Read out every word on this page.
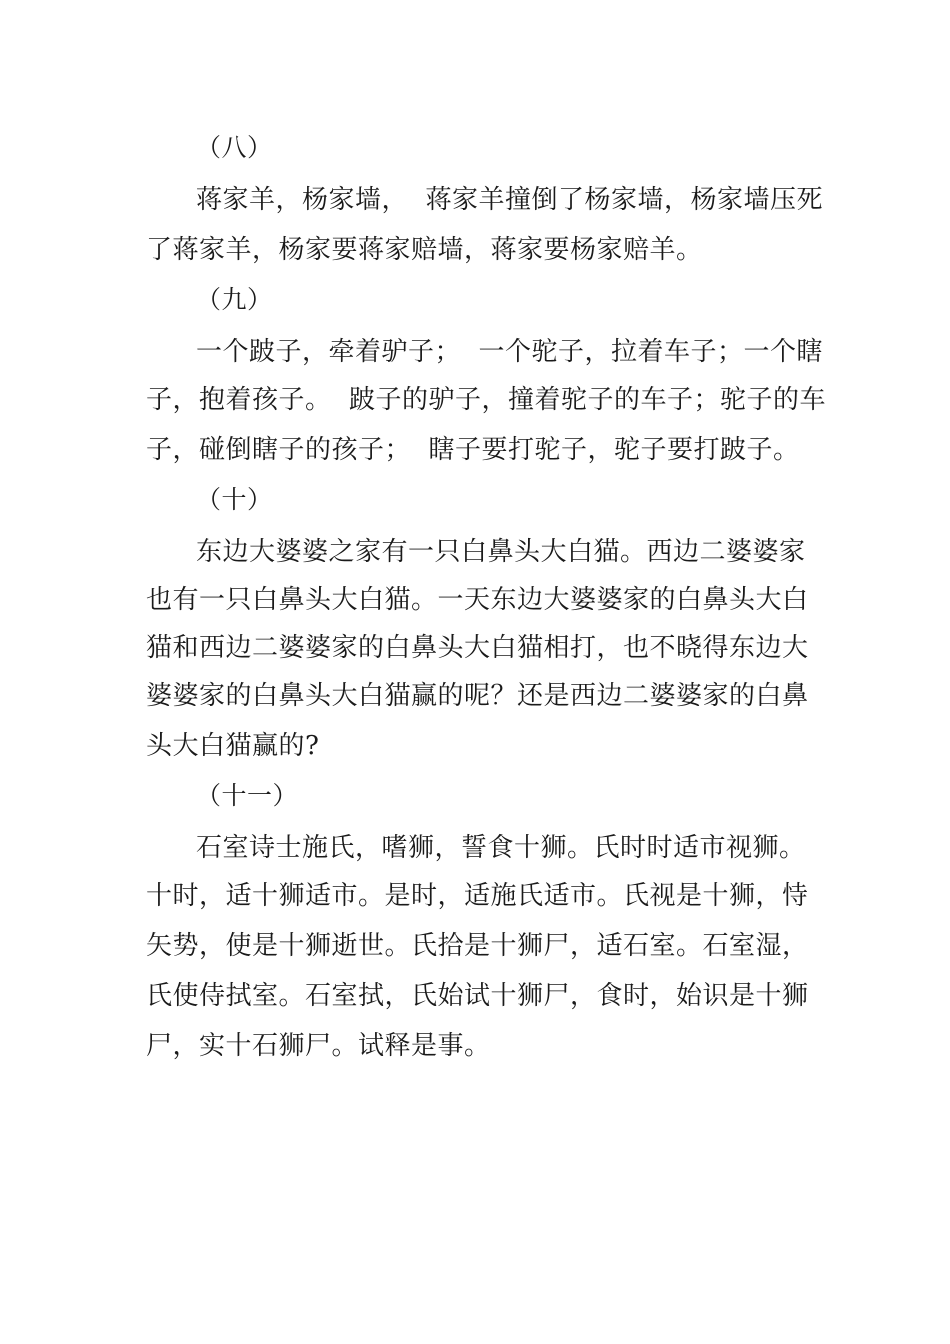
（八）
蒋家羊，杨家墙，  蒋家羊撞倒了杨家墙，杨家墙压死
了蒋家羊，杨家要蒋家赔墙，蒋家要杨家赔羊。
（九）
一个跛子，牵着驴子；  一个驼子，拉着车子；一个瞎
子，抱着孩子。  跛子的驴子，撞着驼子的车子；驼子的车
子，碰倒瞎子的孩子；  瞎子要打驼子，驼子要打跛子。
（十）
东边大婆婆之家有一只白鼻头大白猫。西边二婆婆家
也有一只白鼻头大白猫。一天东边大婆婆家的白鼻头大白
猫和西边二婆婆家的白鼻头大白猫相打，也不晓得东边大
婆婆家的白鼻头大白猫赢的呢？还是西边二婆婆家的白鼻
头大白猫赢的?
（十一）
石室诗士施氏，嗜狮，誓食十狮。氏时时适市视狮。
十时，适十狮适市。是时，适施氏适市。氏视是十狮，恃
矢势，使是十狮逝世。氏拾是十狮尸，适石室。石室湿，
氏使侍拭室。石室拭，氏始试十狮尸，食时，始识是十狮
尸，实十石狮尸。试释是事。
